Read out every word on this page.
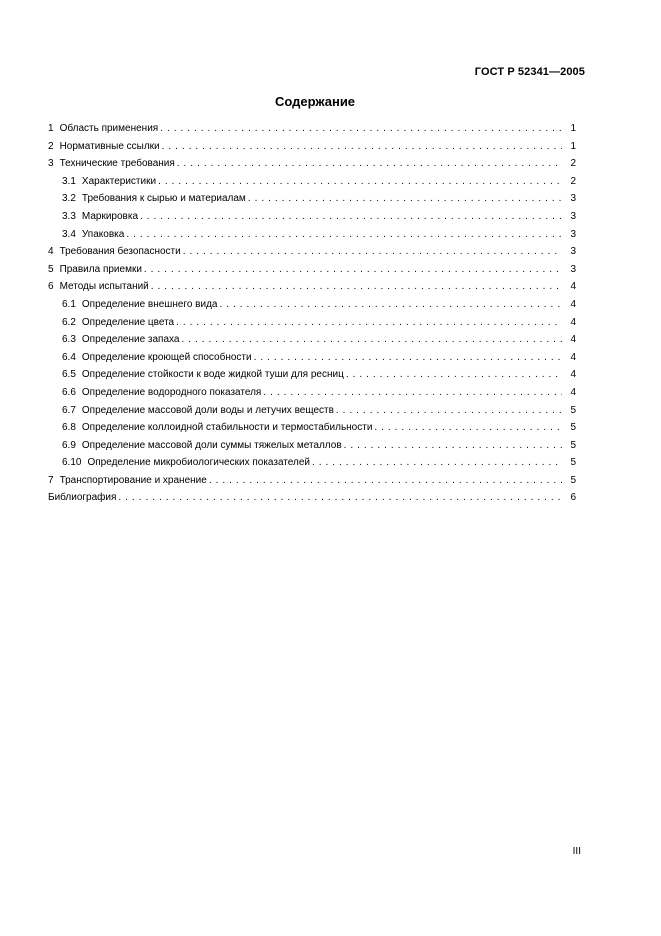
ГОСТ Р 52341—2005
Содержание
1 Область применения . . .	1
2 Нормативные ссылки . . .	1
3 Технические требования . . .	2
3.1 Характеристики . . .	2
3.2 Требования к сырью и материалам . . .	3
3.3 Маркировка . . .	3
3.4 Упаковка . . .	3
4 Требования безопасности . . .	3
5 Правила приемки . . .	3
6 Методы испытаний . . .	4
6.1 Определение внешнего вида . . .	4
6.2 Определение цвета . . .	4
6.3 Определение запаха . . .	4
6.4 Определение кроющей способности . . .	4
6.5 Определение стойкости к воде жидкой туши для ресниц . . .	4
6.6 Определение водородного показателя . . .	4
6.7 Определение массовой доли воды и летучих веществ . . .	5
6.8 Определение коллоидной стабильности и термостабильности . . .	5
6.9 Определение массовой доли суммы тяжелых металлов . . .	5
6.10 Определение микробиологических показателей . . .	5
7 Транспортирование и хранение . . .	5
Библиография . . .	6
III
